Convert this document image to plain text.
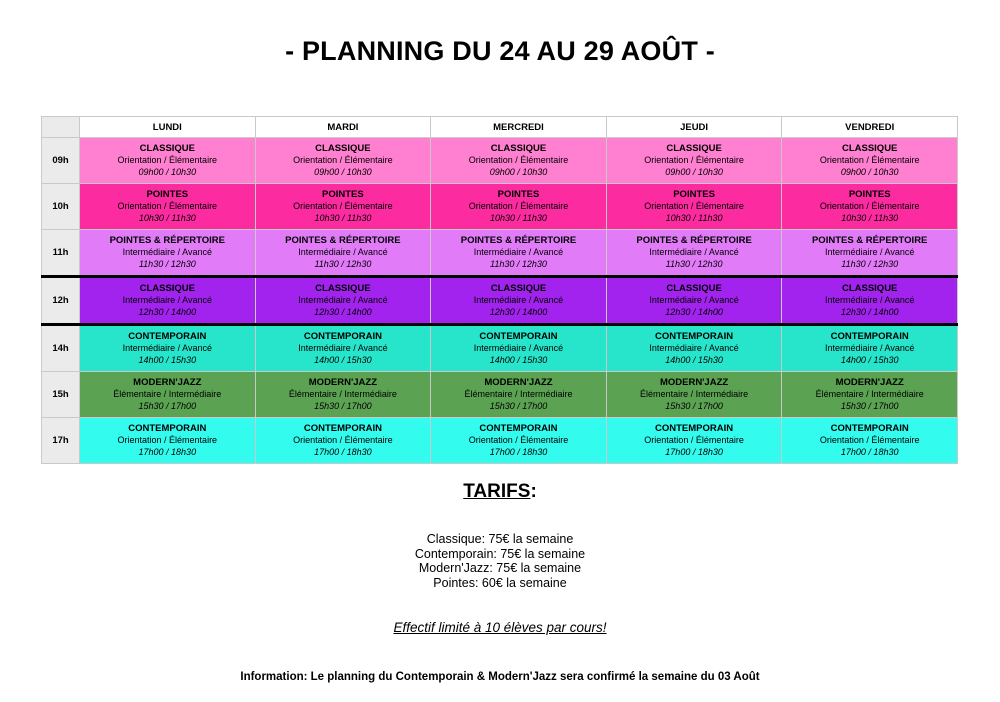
- PLANNING DU 24 AU 29 AOÛT -
	LUNDI	MARDI	MERCREDI	JEUDI	VENDREDI
09h	CLASSIQUE
Orientation / Élémentaire
09h00 / 10h30	CLASSIQUE
Orientation / Élémentaire
09h00 / 10h30	CLASSIQUE
Orientation / Élémentaire
09h00 / 10h30	CLASSIQUE
Orientation / Élémentaire
09h00 / 10h30	CLASSIQUE
Orientation / Élémentaire
09h00 / 10h30

10h	POINTES
Orientation / Élémentaire
10h30 / 11h30	POINTES
Orientation / Élémentaire
10h30 / 11h30	POINTES
Orientation / Élémentaire
10h30 / 11h30	POINTES
Orientation / Élémentaire
10h30 / 11h30	POINTES
Orientation / Élémentaire
10h30 / 11h30

11h	POINTES & RÉPERTOIRE
Intermédiaire / Avancé
11h30 / 12h30	POINTES & RÉPERTOIRE
Intermédiaire / Avancé
11h30 / 12h30	POINTES & RÉPERTOIRE
Intermédiaire / Avancé
11h30 / 12h30	POINTES & RÉPERTOIRE
Intermédiaire / Avancé
11h30 / 12h30	POINTES & RÉPERTOIRE
Intermédiaire / Avancé
11h30 / 12h30

12h	CLASSIQUE
Intermédiaire / Avancé
12h30 / 14h00	CLASSIQUE
Intermédiaire / Avancé
12h30 / 14h00	CLASSIQUE
Intermédiaire / Avancé
12h30 / 14h00	CLASSIQUE
Intermédiaire / Avancé
12h30 / 14h00	CLASSIQUE
Intermédiaire / Avancé
12h30 / 14h00

14h	CONTEMPORAIN
Intermédiaire / Avancé
14h00 / 15h30	CONTEMPORAIN
Intermédiaire / Avancé
14h00 / 15h30	CONTEMPORAIN
Intermédiaire / Avancé
14h00 / 15h30	CONTEMPORAIN
Intermédiaire / Avancé
14h00 / 15h30	CONTEMPORAIN
Intermédiaire / Avancé
14h00 / 15h30

15h	MODERN'JAZZ
Élémentaire / Intermédiaire
15h30 / 17h00	MODERN'JAZZ
Élémentaire / Intermédiaire
15h30 / 17h00	MODERN'JAZZ
Élémentaire / Intermédiaire
15h30 / 17h00	MODERN'JAZZ
Élémentaire / Intermédiaire
15h30 / 17h00	MODERN'JAZZ
Élémentaire / Intermédiaire
15h30 / 17h00

17h	CONTEMPORAIN
Orientation / Élémentaire
17h00 / 18h30	CONTEMPORAIN
Orientation / Élémentaire
17h00 / 18h30	CONTEMPORAIN
Orientation / Élémentaire
17h00 / 18h30	CONTEMPORAIN
Orientation / Élémentaire
17h00 / 18h30	CONTEMPORAIN
Orientation / Élémentaire
17h00 / 18h30
TARIFS:
Classique: 75€ la semaine
Contemporain: 75€ la semaine
Modern'Jazz: 75€ la semaine
Pointes: 60€ la semaine
Effectif limité à 10 élèves par cours!
Information: Le planning du Contemporain & Modern'Jazz sera confirmé la semaine du 03 Août
